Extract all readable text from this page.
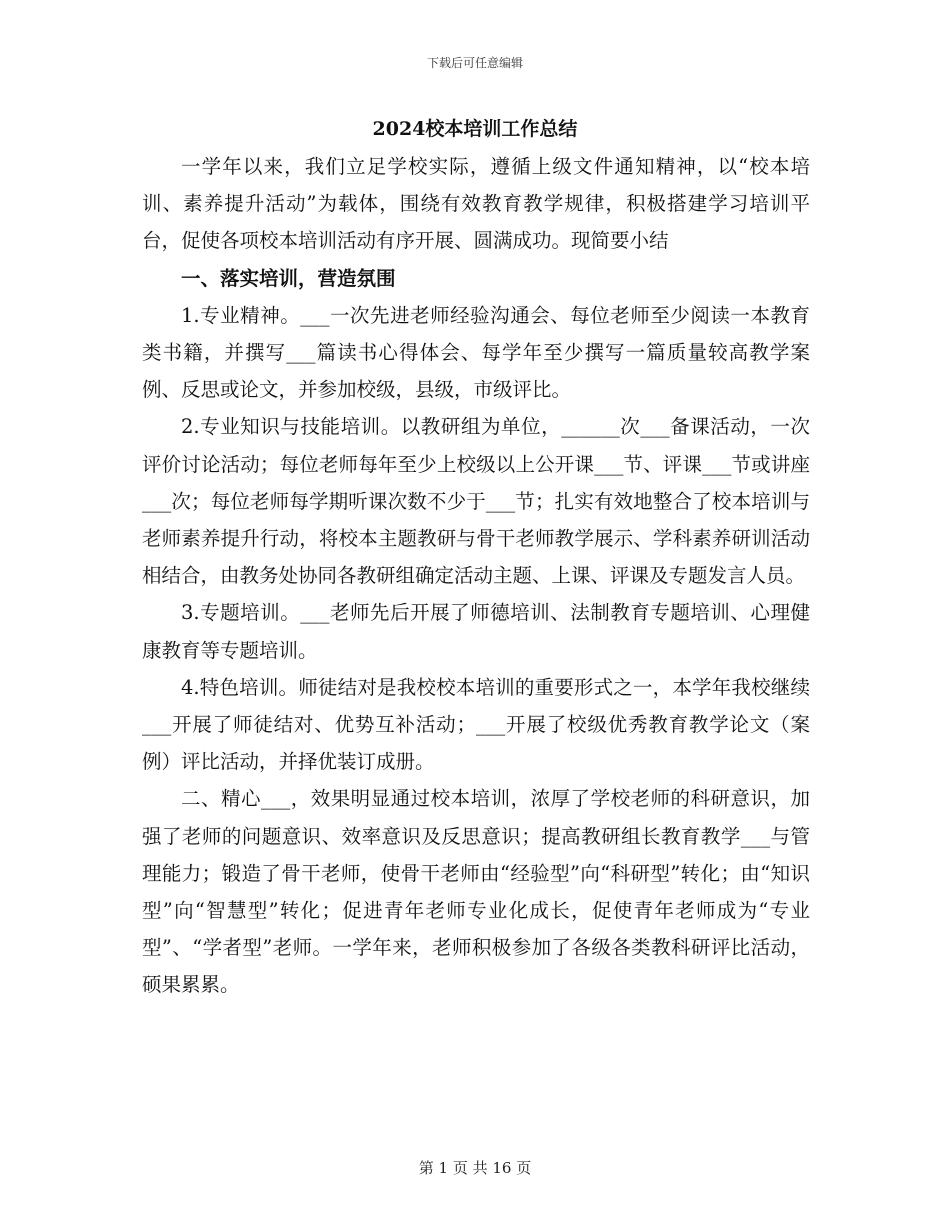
下载后可任意编辑
2024校本培训工作总结

一学年以来，我们立足学校实际，遵循上级文件通知精神，以“校本培训、素养提升活动”为载体，围绕有效教育教学规律，积极搭建学习培训平台，促使各项校本培训活动有序开展、圆满成功。现简要小结

一、落实培训，营造氛围

1.专业精神。___一次先进老师经验沟通会、每位老师至少阅读一本教育类书籍，并撰写___篇读书心得体会、每学年至少撰写一篇质量较高教学案例、反思或论文，并参加校级，县级，市级评比。

2.专业知识与技能培训。以教研组为单位，______次___备课活动，一次评价讨论活动；每位老师每年至少上校级以上公开课___节、评课___节或讲座___次；每位老师每学期听课次数不少于___节；扎实有效地整合了校本培训与老师素养提升行动，将校本主题教研与骨干老师教学展示、学科素养研训活动相结合，由教务处协同各教研组确定活动主题、上课、评课及专题发言人员。

3.专题培训。___老师先后开展了师德培训、法制教育专题培训、心理健康教育等专题培训。

4.特色培训。师徒结对是我校校本培训的重要形式之一，本学年我校继续___开展了师徒结对、优势互补活动；___开展了校级优秀教育教学论文（案例）评比活动，并择优装订成册。

二、精心___，效果明显通过校本培训，浓厚了学校老师的科研意识，加强了老师的问题意识、效率意识及反思意识；提高教研组长教育教学___与管理能力；锻造了骨干老师，使骨干老师由“经验型”向“科研型”转化；由“知识型”向“智慧型”转化；促进青年老师专业化成长，促使青年老师成为“专业型”、“学者型”老师。一学年来，老师积极参加了各级各类教科研评比活动，硕果累累。

第 1 页 共 16 页
